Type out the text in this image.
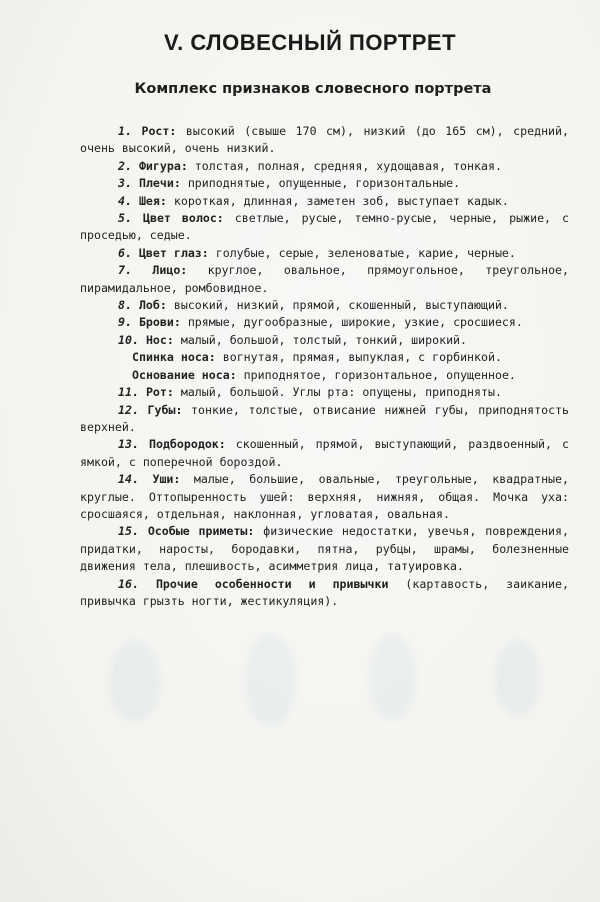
V. СЛОВЕСНЫЙ ПОРТРЕТ
Комплекс признаков словесного портрета

1. Рост: высокий (свыше 170 см), низкий (до 165 см), средний, очень высокий, очень низкий.

2. Фигура: толстая, полная, средняя, худощавая, тонкая.

3. Плечи: приподнятые, опущенные, горизонтальные.

4. Шея: короткая, длинная, заметен зоб, выступает кадык.

5. Цвет волос: светлые, русые, темно-русые, черные, рыжие, с проседью, седые.

6. Цвет глаз: голубые, серые, зеленоватые, карие, черные.

7. Лицо: круглое, овальное, прямоугольное, треугольное, пирамидальное, ромбовидное.

8. Лоб: высокий, низкий, прямой, скошенный, выступающий.

9. Брови: прямые, дугообразные, широкие, узкие, сросшиеся.

10. Нос: малый, большой, толстый, тонкий, широкий.

Спинка носа: вогнутая, прямая, выпуклая, с горбинкой.

Основание носа: приподнятое, горизонтальное, опущенное.

11. Рот: малый, большой. Углы рта: опущены, приподняты.

12. Губы: тонкие, толстые, отвисание нижней губы, приподнятость верхней.

13. Подбородок: скошенный, прямой, выступающий, раздвоенный, с ямкой, с поперечной бороздой.

14. Уши: малые, большие, овальные, треугольные, квадратные, круглые. Оттопыренность ушей: верхняя, нижняя, общая. Мочка уха: сросшаяся, отдельная, наклонная, угловатая, овальная.

15. Особые приметы: физические недостатки, увечья, повреждения, придатки, наросты, бородавки, пятна, рубцы, шрамы, болезненные движения тела, плешивость, асимметрия лица, татуировка.

16. Прочие особенности и привычки (картавость, заикание, привычка грызть ногти, жестикуляция).
